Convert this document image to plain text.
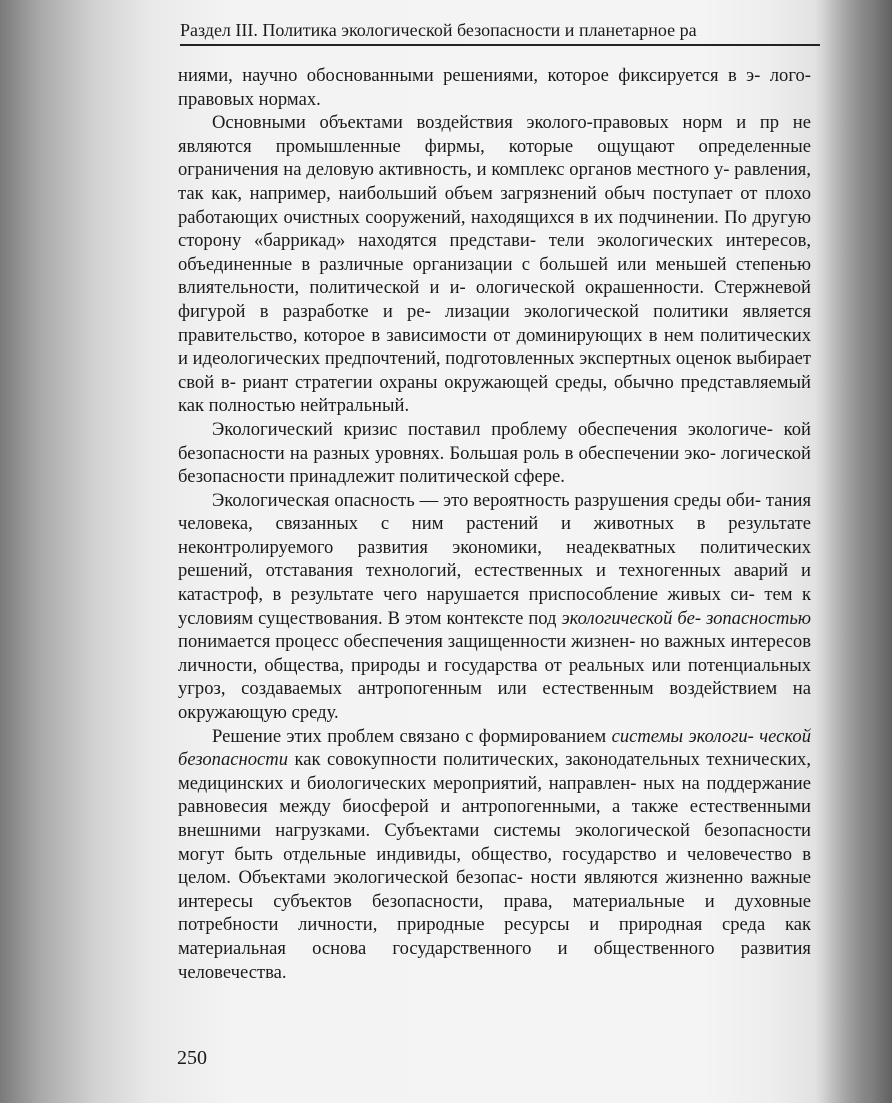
Раздел III. Политика экологической безопасности и планетарное ра

ниями, научно обоснованными решениями, которое фиксируется в э- лого-правовых нормах.

Основными объектами воздействия эколого-правовых норм и пр не являются промышленные фирмы, которые ощущают определенные ограничения на деловую активность, и комплекс органов местного у- равления, так как, например, наибольший объем загрязнений обыч поступает от плохо работающих очистных сооружений, находящихся в их подчинении. По другую сторону «баррикад» находятся представи- тели экологических интересов, объединенные в различные организации с большей или меньшей степенью влиятельности, политической и и- ологической окрашенности. Стержневой фигурой в разработке и ре- лизации экологической политики является правительство, которое в зависимости от доминирующих в нем политических и идеологических предпочтений, подготовленных экспертных оценок выбирает свой в- риант стратегии охраны окружающей среды, обычно представляемый как полностью нейтральный.

Экологический кризис поставил проблему обеспечения экологиче- кой безопасности на разных уровнях. Большая роль в обеспечении эко- логической безопасности принадлежит политической сфере.

Экологическая опасность — это вероятность разрушения среды оби- тания человека, связанных с ним растений и животных в результате неконтролируемого развития экономики, неадекватных политических решений, отставания технологий, естественных и техногенных аварий и катастроф, в результате чего нарушается приспособление живых си- тем к условиям существования. В этом контексте под экологической бе- зопасностью понимается процесс обеспечения защищенности жизнен- но важных интересов личности, общества, природы и государства от реальных или потенциальных угроз, создаваемых антропогенным или естественным воздействием на окружающую среду.

Решение этих проблем связано с формированием системы экологи- ческой безопасности как совокупности политических, законодательных технических, медицинских и биологических мероприятий, направлен- ных на поддержание равновесия между биосферой и антропогенными, а также естественными внешними нагрузками. Субъектами системы экологической безопасности могут быть отдельные индивиды, общество, государство и человечество в целом. Объектами экологической безопас- ности являются жизненно важные интересы субъектов безопасности, права, материальные и духовные потребности личности, природные ресурсы и природная среда как материальная основа государственного и общественного развития человечества.

250
